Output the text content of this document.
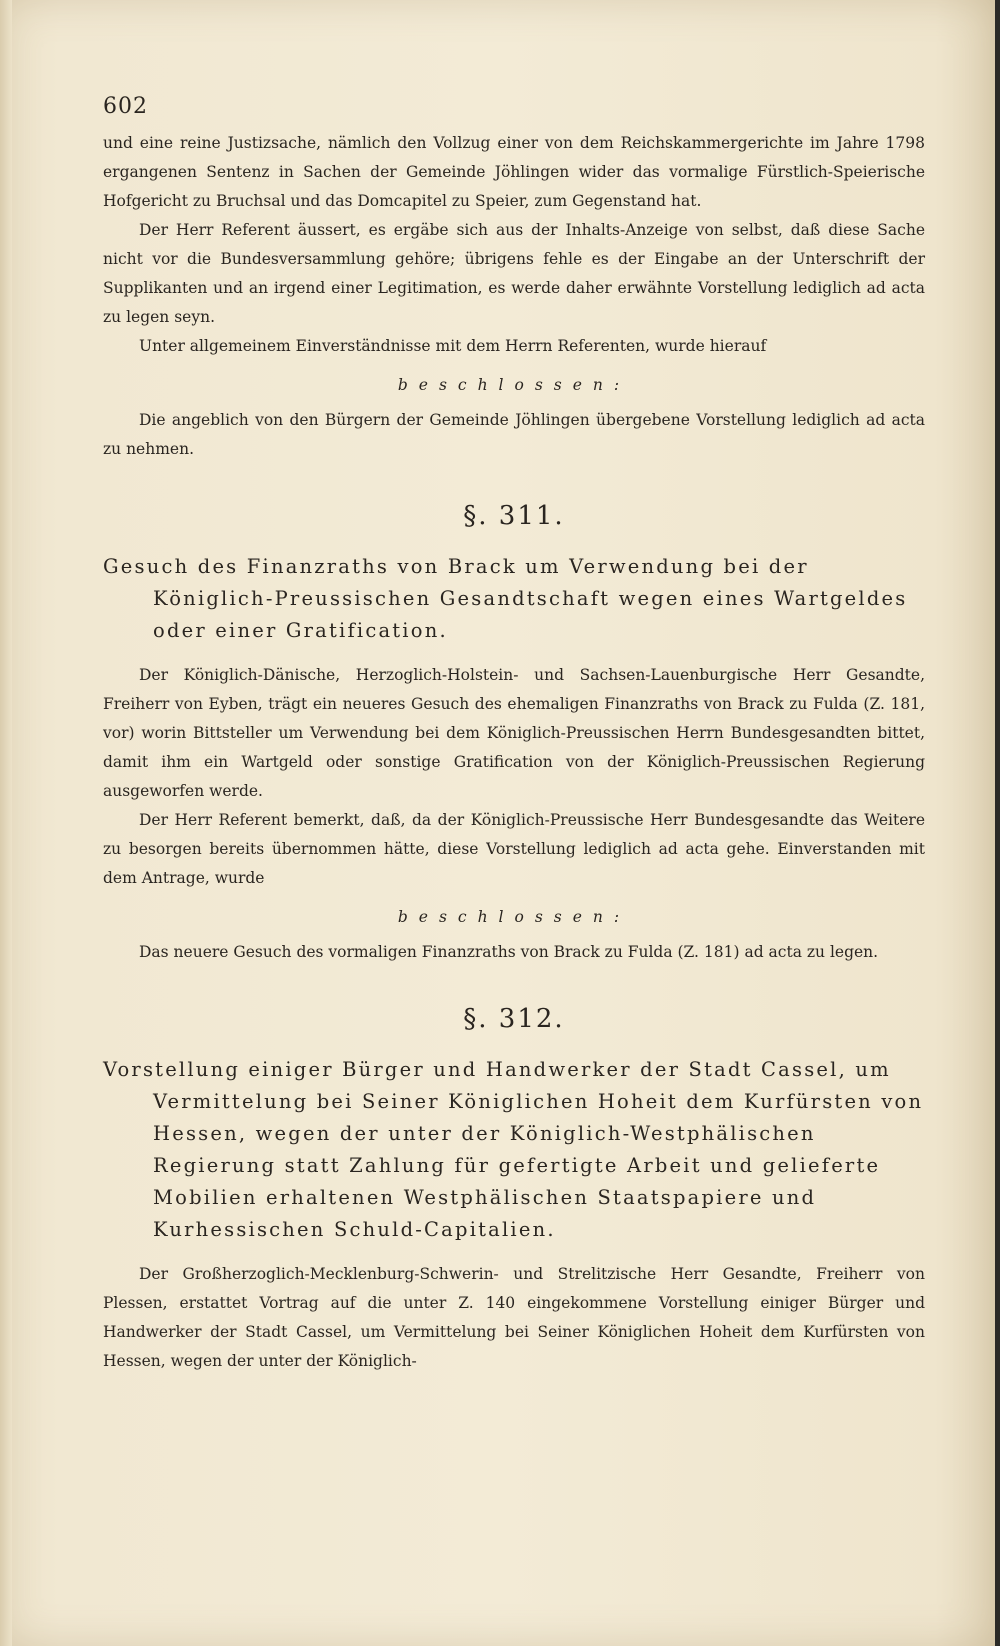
602

und eine reine Justizsache, nämlich den Vollzug einer von dem Reichskammergerichte im Jahre 1798 ergangenen Sentenz in Sachen der Gemeinde Jöhlingen wider das vormalige Fürstlich-Speierische Hofgericht zu Bruchsal und das Domcapitel zu Speier, zum Gegenstand hat.

Der Herr Referent äussert, es ergäbe sich aus der Inhalts-Anzeige von selbst, daß diese Sache nicht vor die Bundesversammlung gehöre; übrigens fehle es der Eingabe an der Unterschrift der Supplikanten und an irgend einer Legitimation, es werde daher erwähnte Vorstellung lediglich ad acta zu legen seyn.

Unter allgemeinem Einverständnisse mit dem Herrn Referenten, wurde hierauf

beschlossen:

Die angeblich von den Bürgern der Gemeinde Jöhlingen übergebene Vorstellung lediglich ad acta zu nehmen.

§. 311.

Gesuch des Finanzraths von Brack um Verwendung bei der Königlich-Preussischen Gesandtschaft wegen eines Wartgeldes oder einer Gratification.

Der Königlich-Dänische, Herzoglich-Holstein- und Sachsen-Lauenburgische Herr Gesandte, Freiherr von Eyben, trägt ein neueres Gesuch des ehemaligen Finanzraths von Brack zu Fulda (Z. 181, vor) worin Bittsteller um Verwendung bei dem Königlich-Preussischen Herrn Bundesgesandten bittet, damit ihm ein Wartgeld oder sonstige Gratification von der Königlich-Preussischen Regierung ausgeworfen werde.

Der Herr Referent bemerkt, daß, da der Königlich-Preussische Herr Bundesgesandte das Weitere zu besorgen bereits übernommen hätte, diese Vorstellung lediglich ad acta gehe. Einverstanden mit dem Antrage, wurde

beschlossen:

Das neuere Gesuch des vormaligen Finanzraths von Brack zu Fulda (Z. 181) ad acta zu legen.

§. 312.

Vorstellung einiger Bürger und Handwerker der Stadt Cassel, um Vermittelung bei Seiner Königlichen Hoheit dem Kurfürsten von Hessen, wegen der unter der Königlich-Westphälischen Regierung statt Zahlung für gefertigte Arbeit und gelieferte Mobilien erhaltenen Westphälischen Staatspapiere und Kurhessischen Schuld-Capitalien.

Der Großherzoglich-Mecklenburg-Schwerin- und Strelitzische Herr Gesandte, Freiherr von Plessen, erstattet Vortrag auf die unter Z. 140 eingekommene Vorstellung einiger Bürger und Handwerker der Stadt Cassel, um Vermittelung bei Seiner Königlichen Hoheit dem Kurfürsten von Hessen, wegen der unter der Königlich-
